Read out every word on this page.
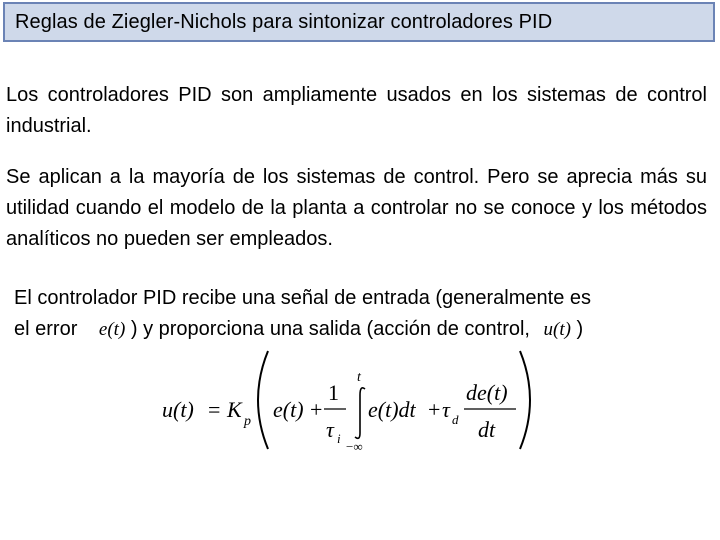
Reglas de Ziegler-Nichols para sintonizar controladores PID

Los controladores PID son ampliamente usados en los sistemas de control industrial.

Se aplican a la mayoría de los sistemas de control. Pero se aprecia más su utilidad cuando el modelo de la planta a controlar no se conoce y los métodos analíticos no pueden ser empleados.

El controlador PID recibe una señal de entrada (generalmente es
el error e(t) ) y proporciona una salida (acción de control, u(t) )
u(t) = K p e(t) +
1
τ i
t
−∞
e(t)dt + τ d
de(t)
dt
